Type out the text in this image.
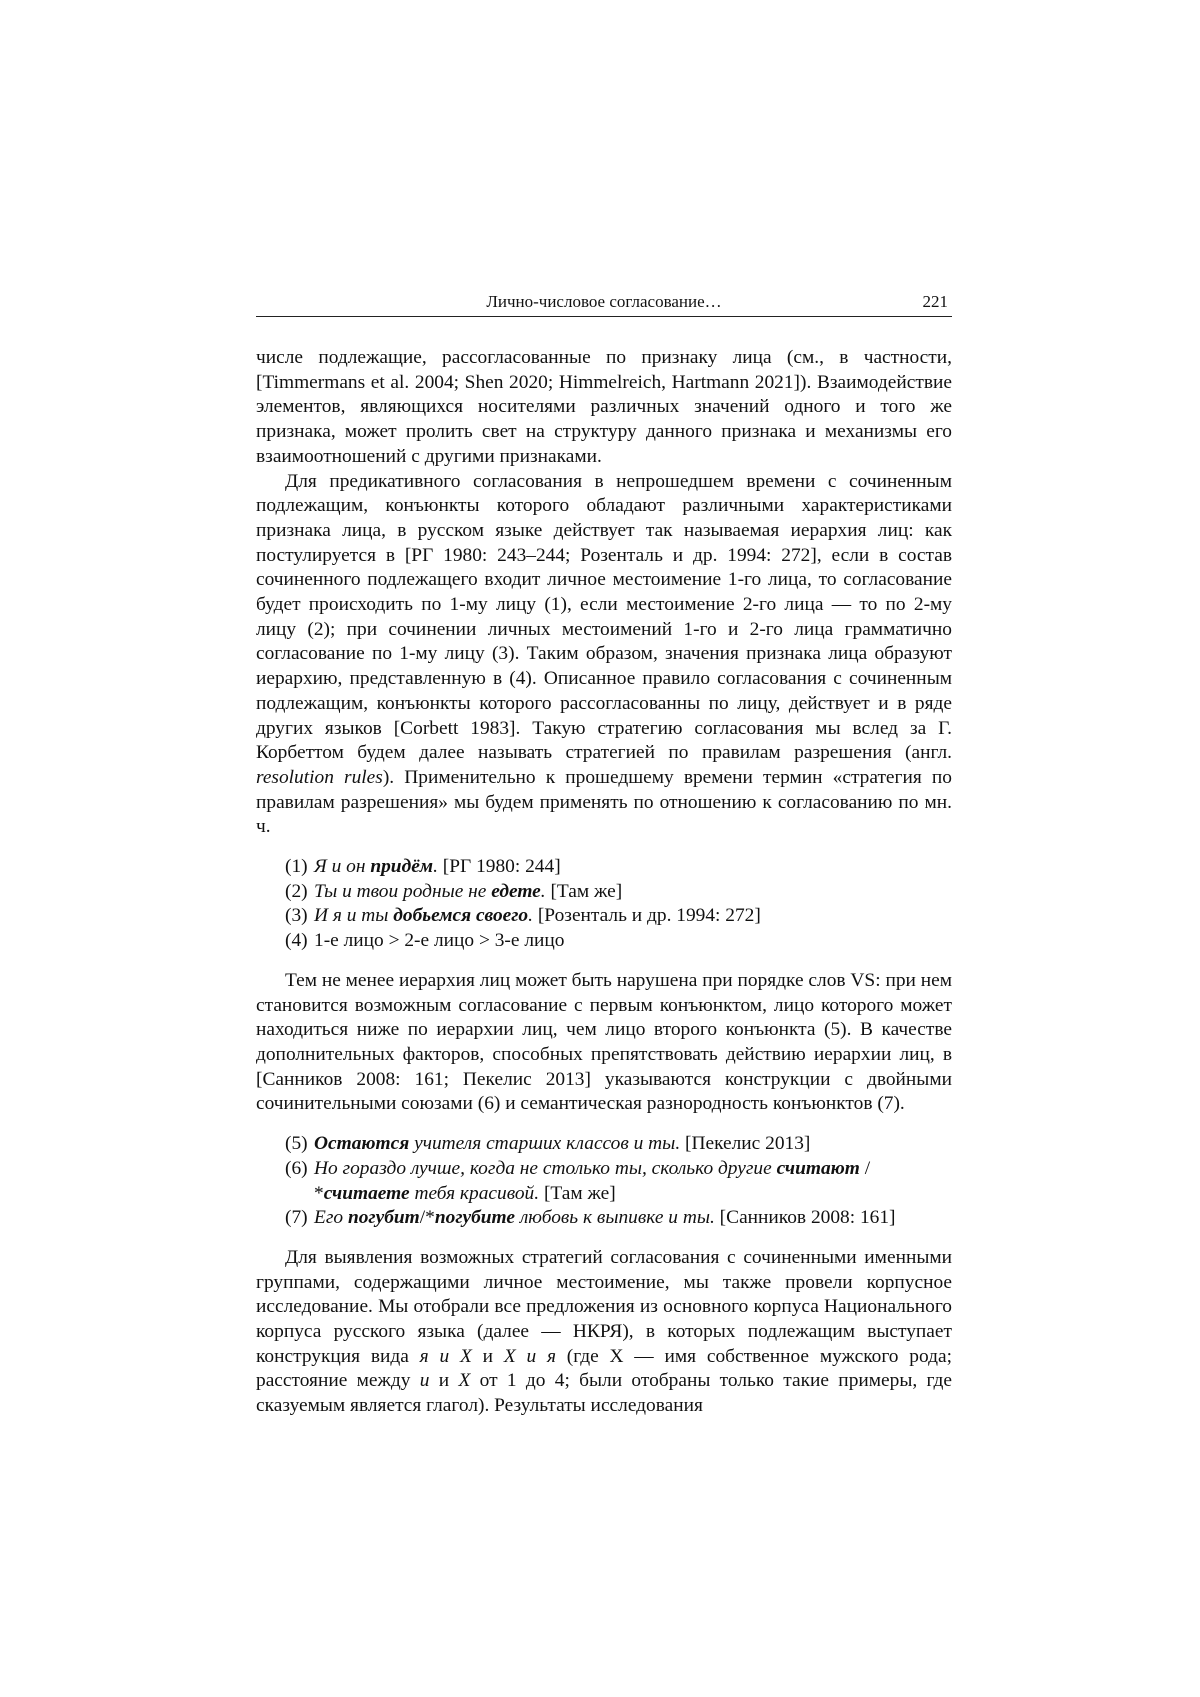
Лично-числовое согласование…	221

числе подлежащие, рассогласованные по признаку лица (см., в частности, [Timmermans et al. 2004; Shen 2020; Himmelreich, Hartmann 2021]). Взаимодействие элементов, являющихся носителями различных значений одного и того же признака, может пролить свет на структуру данного признака и механизмы его взаимоотношений с другими признаками.

Для предикативного согласования в непрошедшем времени с сочиненным подлежащим, конъюнкты которого обладают различными характеристиками признака лица, в русском языке действует так называемая иерархия лиц: как постулируется в [РГ 1980: 243–244; Розенталь и др. 1994: 272], если в состав сочиненного подлежащего входит личное местоимение 1-го лица, то согласование будет происходить по 1-му лицу (1), если местоимение 2-го лица — то по 2-му лицу (2); при сочинении личных местоимений 1-го и 2-го лица грамматично согласование по 1-му лицу (3). Таким образом, значения признака лица образуют иерархию, представленную в (4). Описанное правило согласования с сочиненным подлежащим, конъюнкты которого рассогласованны по лицу, действует и в ряде других языков [Corbett 1983]. Такую стратегию согласования мы вслед за Г. Корбеттом будем далее называть стратегией по правилам разрешения (англ. resolution rules). Применительно к прошедшему времени термин «стратегия по правилам разрешения» мы будем применять по отношению к согласованию по мн. ч.

(1) Я и он придём. [РГ 1980: 244]
(2) Ты и твои родные не едете. [Там же]
(3) И я и ты добьемся своего. [Розенталь и др. 1994: 272]
(4) 1-е лицо > 2-е лицо > 3-е лицо

Тем не менее иерархия лиц может быть нарушена при порядке слов VS: при нем становится возможным согласование с первым конъюнктом, лицо которого может находиться ниже по иерархии лиц, чем лицо второго конъюнкта (5). В качестве дополнительных факторов, способных препятствовать действию иерархии лиц, в [Санников 2008: 161; Пекелис 2013] указываются конструкции с двойными сочинительными союзами (6) и семантическая разнородность конъюнктов (7).

(5) Остаются учителя старших классов и ты. [Пекелис 2013]
(6) Но гораздо лучше, когда не столько ты, сколько другие считают / *считаете тебя красивой. [Там же]
(7) Его погубит/*погубите любовь к выпивке и ты. [Санников 2008: 161]

Для выявления возможных стратегий согласования с сочиненными именными группами, содержащими личное местоимение, мы также провели корпусное исследование. Мы отобрали все предложения из основного корпуса Национального корпуса русского языка (далее — НКРЯ), в которых подлежащим выступает конструкция вида я и X и X и я (где X — имя собственное мужского рода; расстояние между и и X от 1 до 4; были отобраны только такие примеры, где сказуемым является глагол). Результаты исследования
